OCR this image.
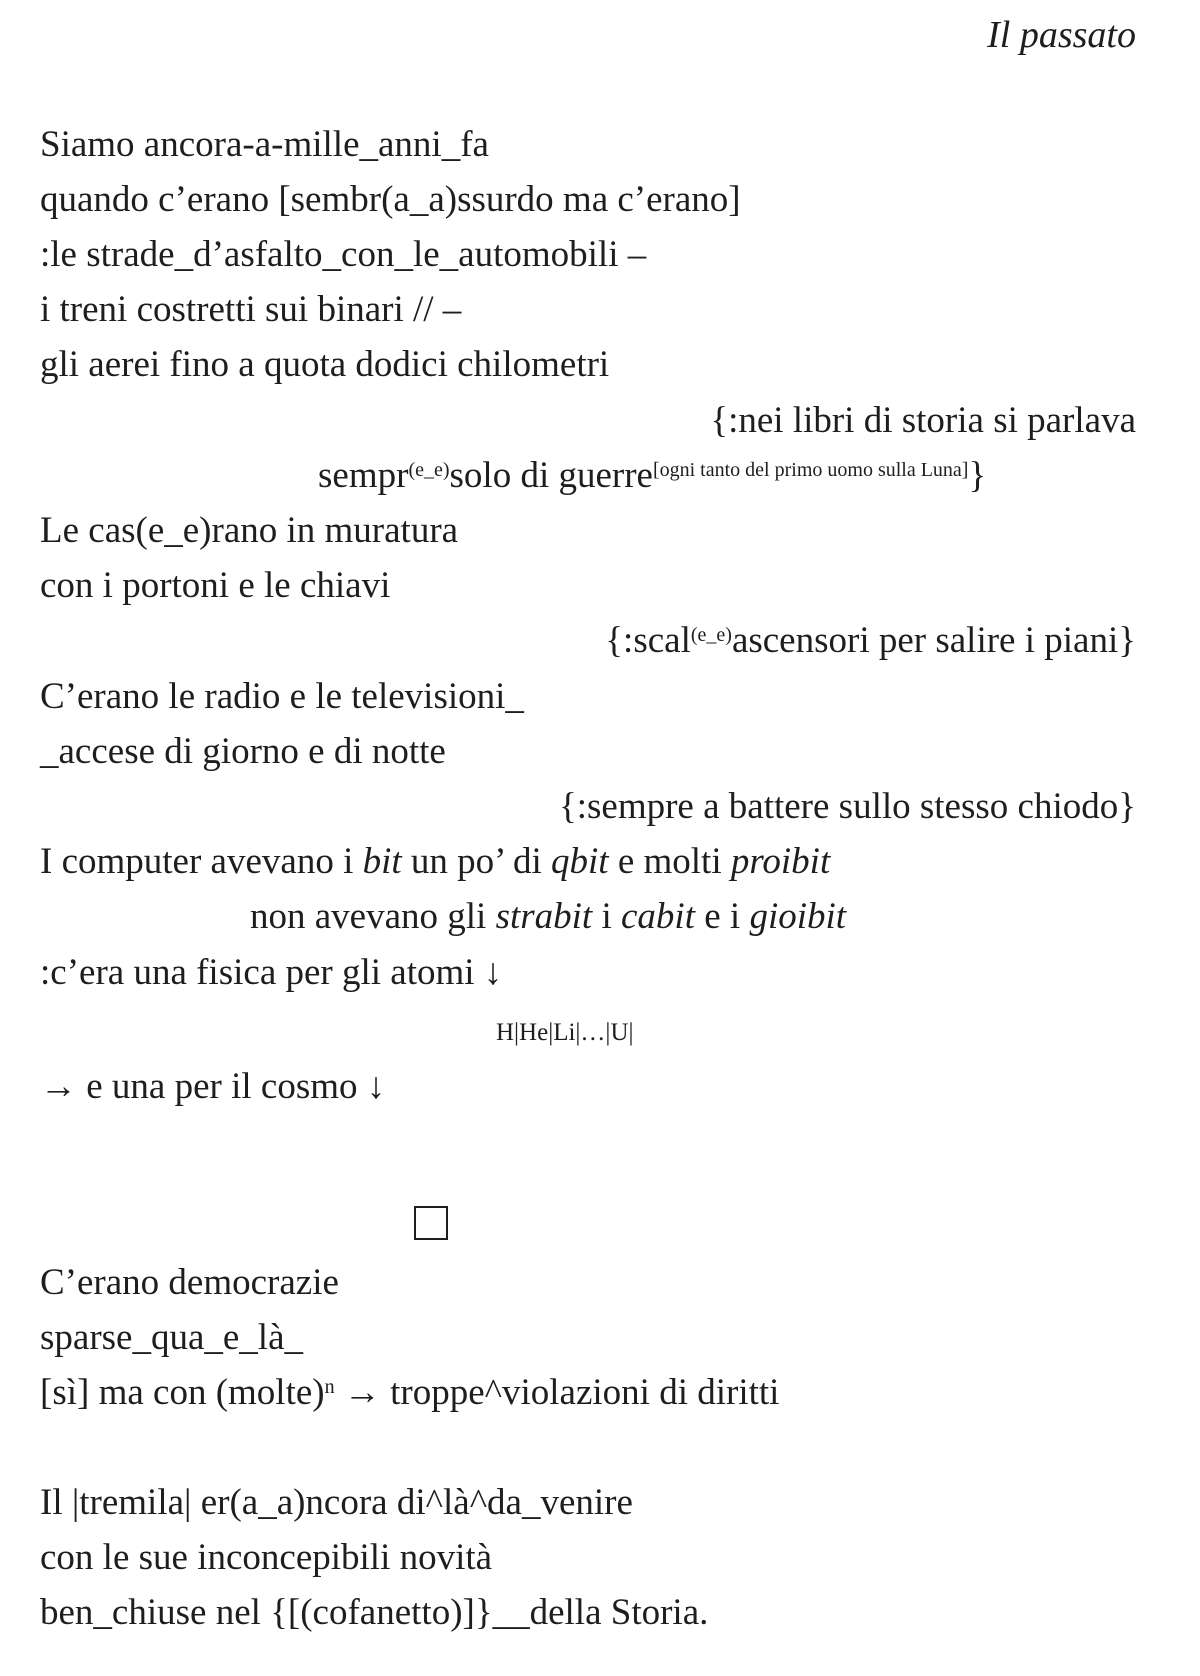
Il passato
Siamo ancora-a-mille_anni_fa
quando c’erano [sembr(a_a)ssurdo ma c’erano]
:le strade_d’asfalto_con_le_automobili –
i treni costretti sui binari // –
gli aerei fino a quota dodici chilometri
{:nei libri di storia si parlava
sempr$^{(e\_e)}$solo di guerre[ogni tanto del primo uomo sulla Luna]}
Le cas(e_e)rano in muratura
con i portoni e le chiavi
{:scal$^{(e\_e)}$ascensori per salire i piani}
C’erano le radio e le televisioni_
_accese di giorno e di notte
{:sempre a battere sullo stesso chiodo}
I computer avevano i bit un po’ di qbit e molti proibit
non avevano gli strabit i cabit e i gioibit
:c’era una fisica per gli atomi ↓
H|He|Li|…|U|
→ e una per il cosmo ↓
C’erano democrazie
sparse_qua_e_là_
[sì] ma con (molte)$^n$ → troppe^violazioni di diritti
Il |tremila| er(a_a)ncora di^là^da_venire
con le sue inconcepibili novità
ben_chiuse nel {[(cofanetto)]}__della Storia.
